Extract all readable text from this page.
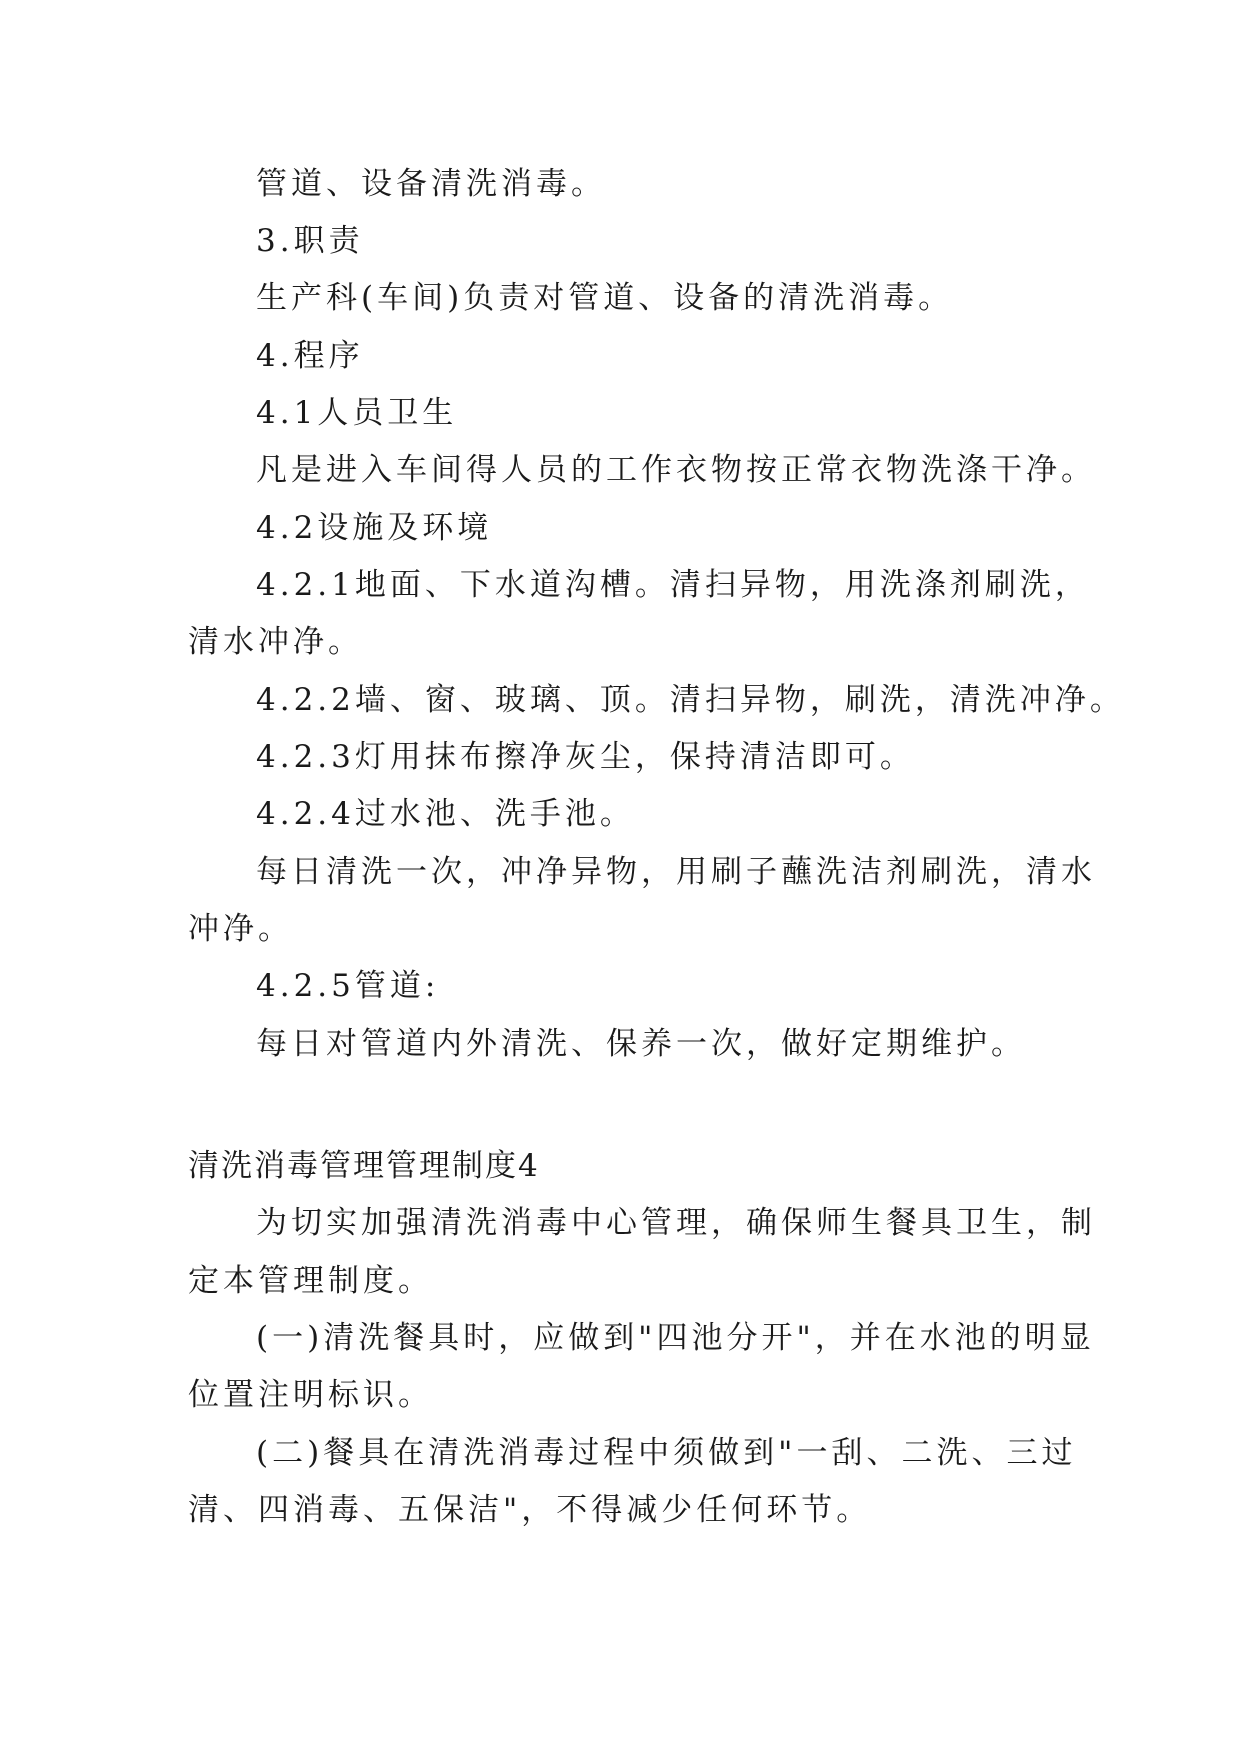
管道、设备清洗消毒。
3.职责
生产科(车间)负责对管道、设备的清洗消毒。
4.程序
4.1人员卫生
凡是进入车间得人员的工作衣物按正常衣物洗涤干净。
4.2设施及环境
4.2.1地面、下水道沟槽。清扫异物，用洗涤剂刷洗，
清水冲净。
4.2.2墙、窗、玻璃、顶。清扫异物，刷洗，清洗冲净。
4.2.3灯用抹布擦净灰尘，保持清洁即可。
4.2.4过水池、洗手池。
每日清洗一次，冲净异物，用刷子蘸洗洁剂刷洗，清水
冲净。
4.2.5管道:
每日对管道内外清洗、保养一次，做好定期维护。
清洗消毒管理管理制度4
为切实加强清洗消毒中心管理，确保师生餐具卫生，制
定本管理制度。
(一)清洗餐具时，应做到"四池分开"，并在水池的明显
位置注明标识。
(二)餐具在清洗消毒过程中须做到"一刮、二洗、三过
清、四消毒、五保洁"，不得减少任何环节。
